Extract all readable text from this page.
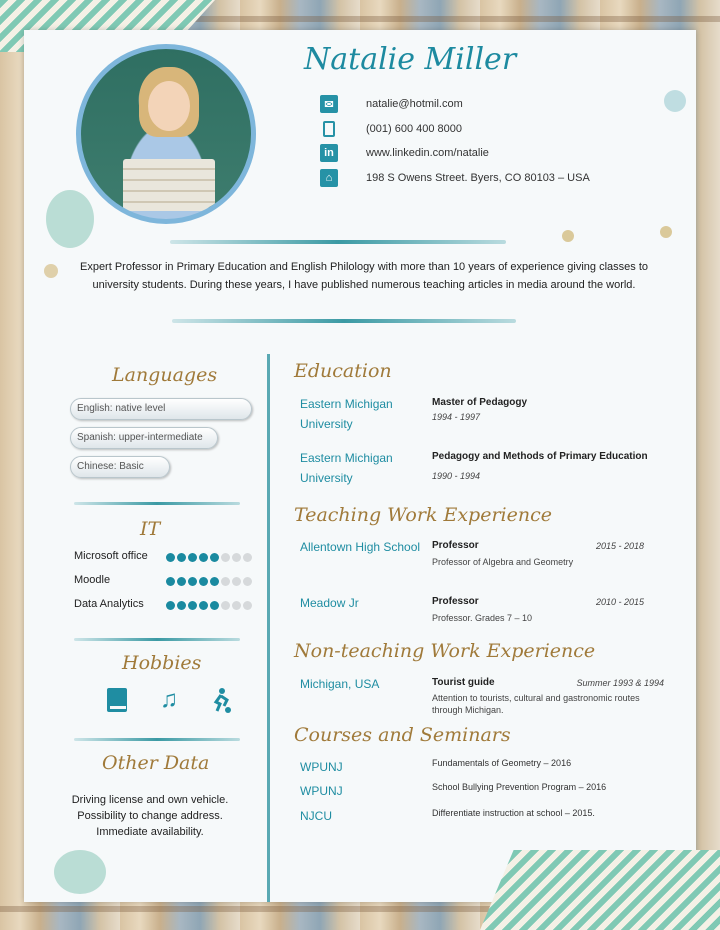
Natalie Miller
✉	natalie@hotmil.com
(001) 600 400 8000
in	www.linkedin.com/natalie
⌂	198 S Owens Street. Byers, CO 80103 – USA
Expert Professor in Primary Education and English Philology with more than 10 years of experience giving classes to university students. During these years, I have published numerous teaching articles in media around the world.
Languages
English: native level
Spanish: upper-intermediate
Chinese: Basic
IT
Microsoft office
Moodle
Data Analytics
Hobbies
♫
Other Data
Driving license and own vehicle.
Possibility to change address.
Immediate availability.
Education
Eastern Michigan University
Master of Pedagogy
1994 - 1997
Eastern Michigan University
Pedagogy and Methods of Primary Education
1990 - 1994
Teaching Work Experience
Allentown High School	Professor	2015 - 2018
Professor of Algebra and Geometry
Meadow Jr	Professor	2010 - 2015
Professor. Grades 7 – 10
Non-teaching Work Experience
Michigan, USA	Tourist guide	Summer 1993 & 1994
Attention to tourists, cultural and gastronomic routes through Michigan.
Courses and Seminars
WPUNJ	Fundamentals of Geometry – 2016
WPUNJ	School Bullying Prevention Program – 2016
NJCU	Differentiate instruction at school – 2015.
